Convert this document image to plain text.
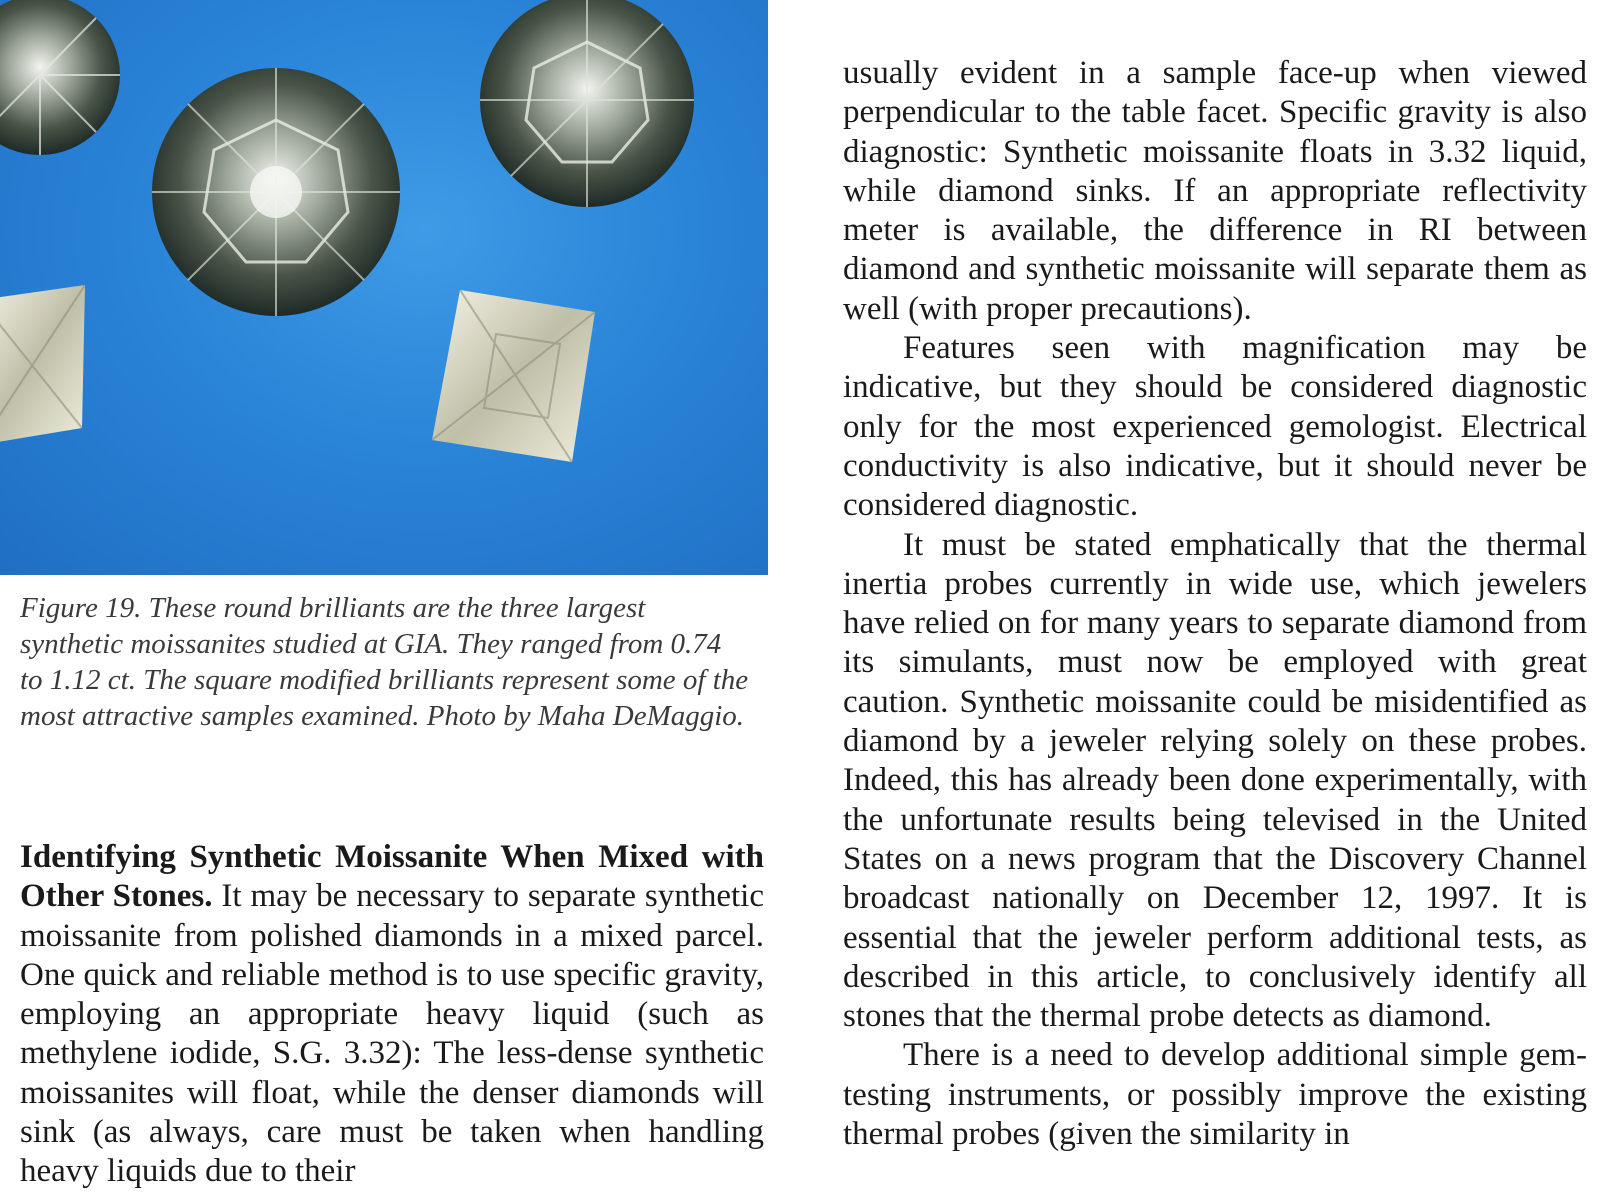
Figure 19. These round brilliants are the three largest synthetic moissanites studied at GIA. They ranged from 0.74 to 1.12 ct. The square modified brilliants represent some of the most attractive samples examined. Photo by Maha DeMaggio.

Identifying Synthetic Moissanite When Mixed with Other Stones. It may be necessary to separate synthetic moissanite from polished diamonds in a mixed parcel. One quick and reliable method is to use specific gravity, employing an appropriate heavy liquid (such as methylene iodide, S.G. 3.32): The less-dense synthetic moissanites will float, while the denser diamonds will sink (as always, care must be taken when handling heavy liquids due to their

usually evident in a sample face-up when viewed perpendicular to the table facet. Specific gravity is also diagnostic: Synthetic moissanite floats in 3.32 liquid, while diamond sinks. If an appropriate reflectivity meter is available, the difference in RI between diamond and synthetic moissanite will separate them as well (with proper precautions).

Features seen with magnification may be indicative, but they should be considered diagnostic only for the most experienced gemologist. Electrical conductivity is also indicative, but it should never be considered diagnostic.

It must be stated emphatically that the thermal inertia probes currently in wide use, which jewelers have relied on for many years to separate diamond from its simulants, must now be employed with great caution. Synthetic moissanite could be misidentified as diamond by a jeweler relying solely on these probes. Indeed, this has already been done experimentally, with the unfortunate results being televised in the United States on a news program that the Discovery Channel broadcast nationally on December 12, 1997. It is essential that the jeweler perform additional tests, as described in this article, to conclusively identify all stones that the thermal probe detects as diamond.

There is a need to develop additional simple gem-testing instruments, or possibly improve the existing thermal probes (given the similarity in
